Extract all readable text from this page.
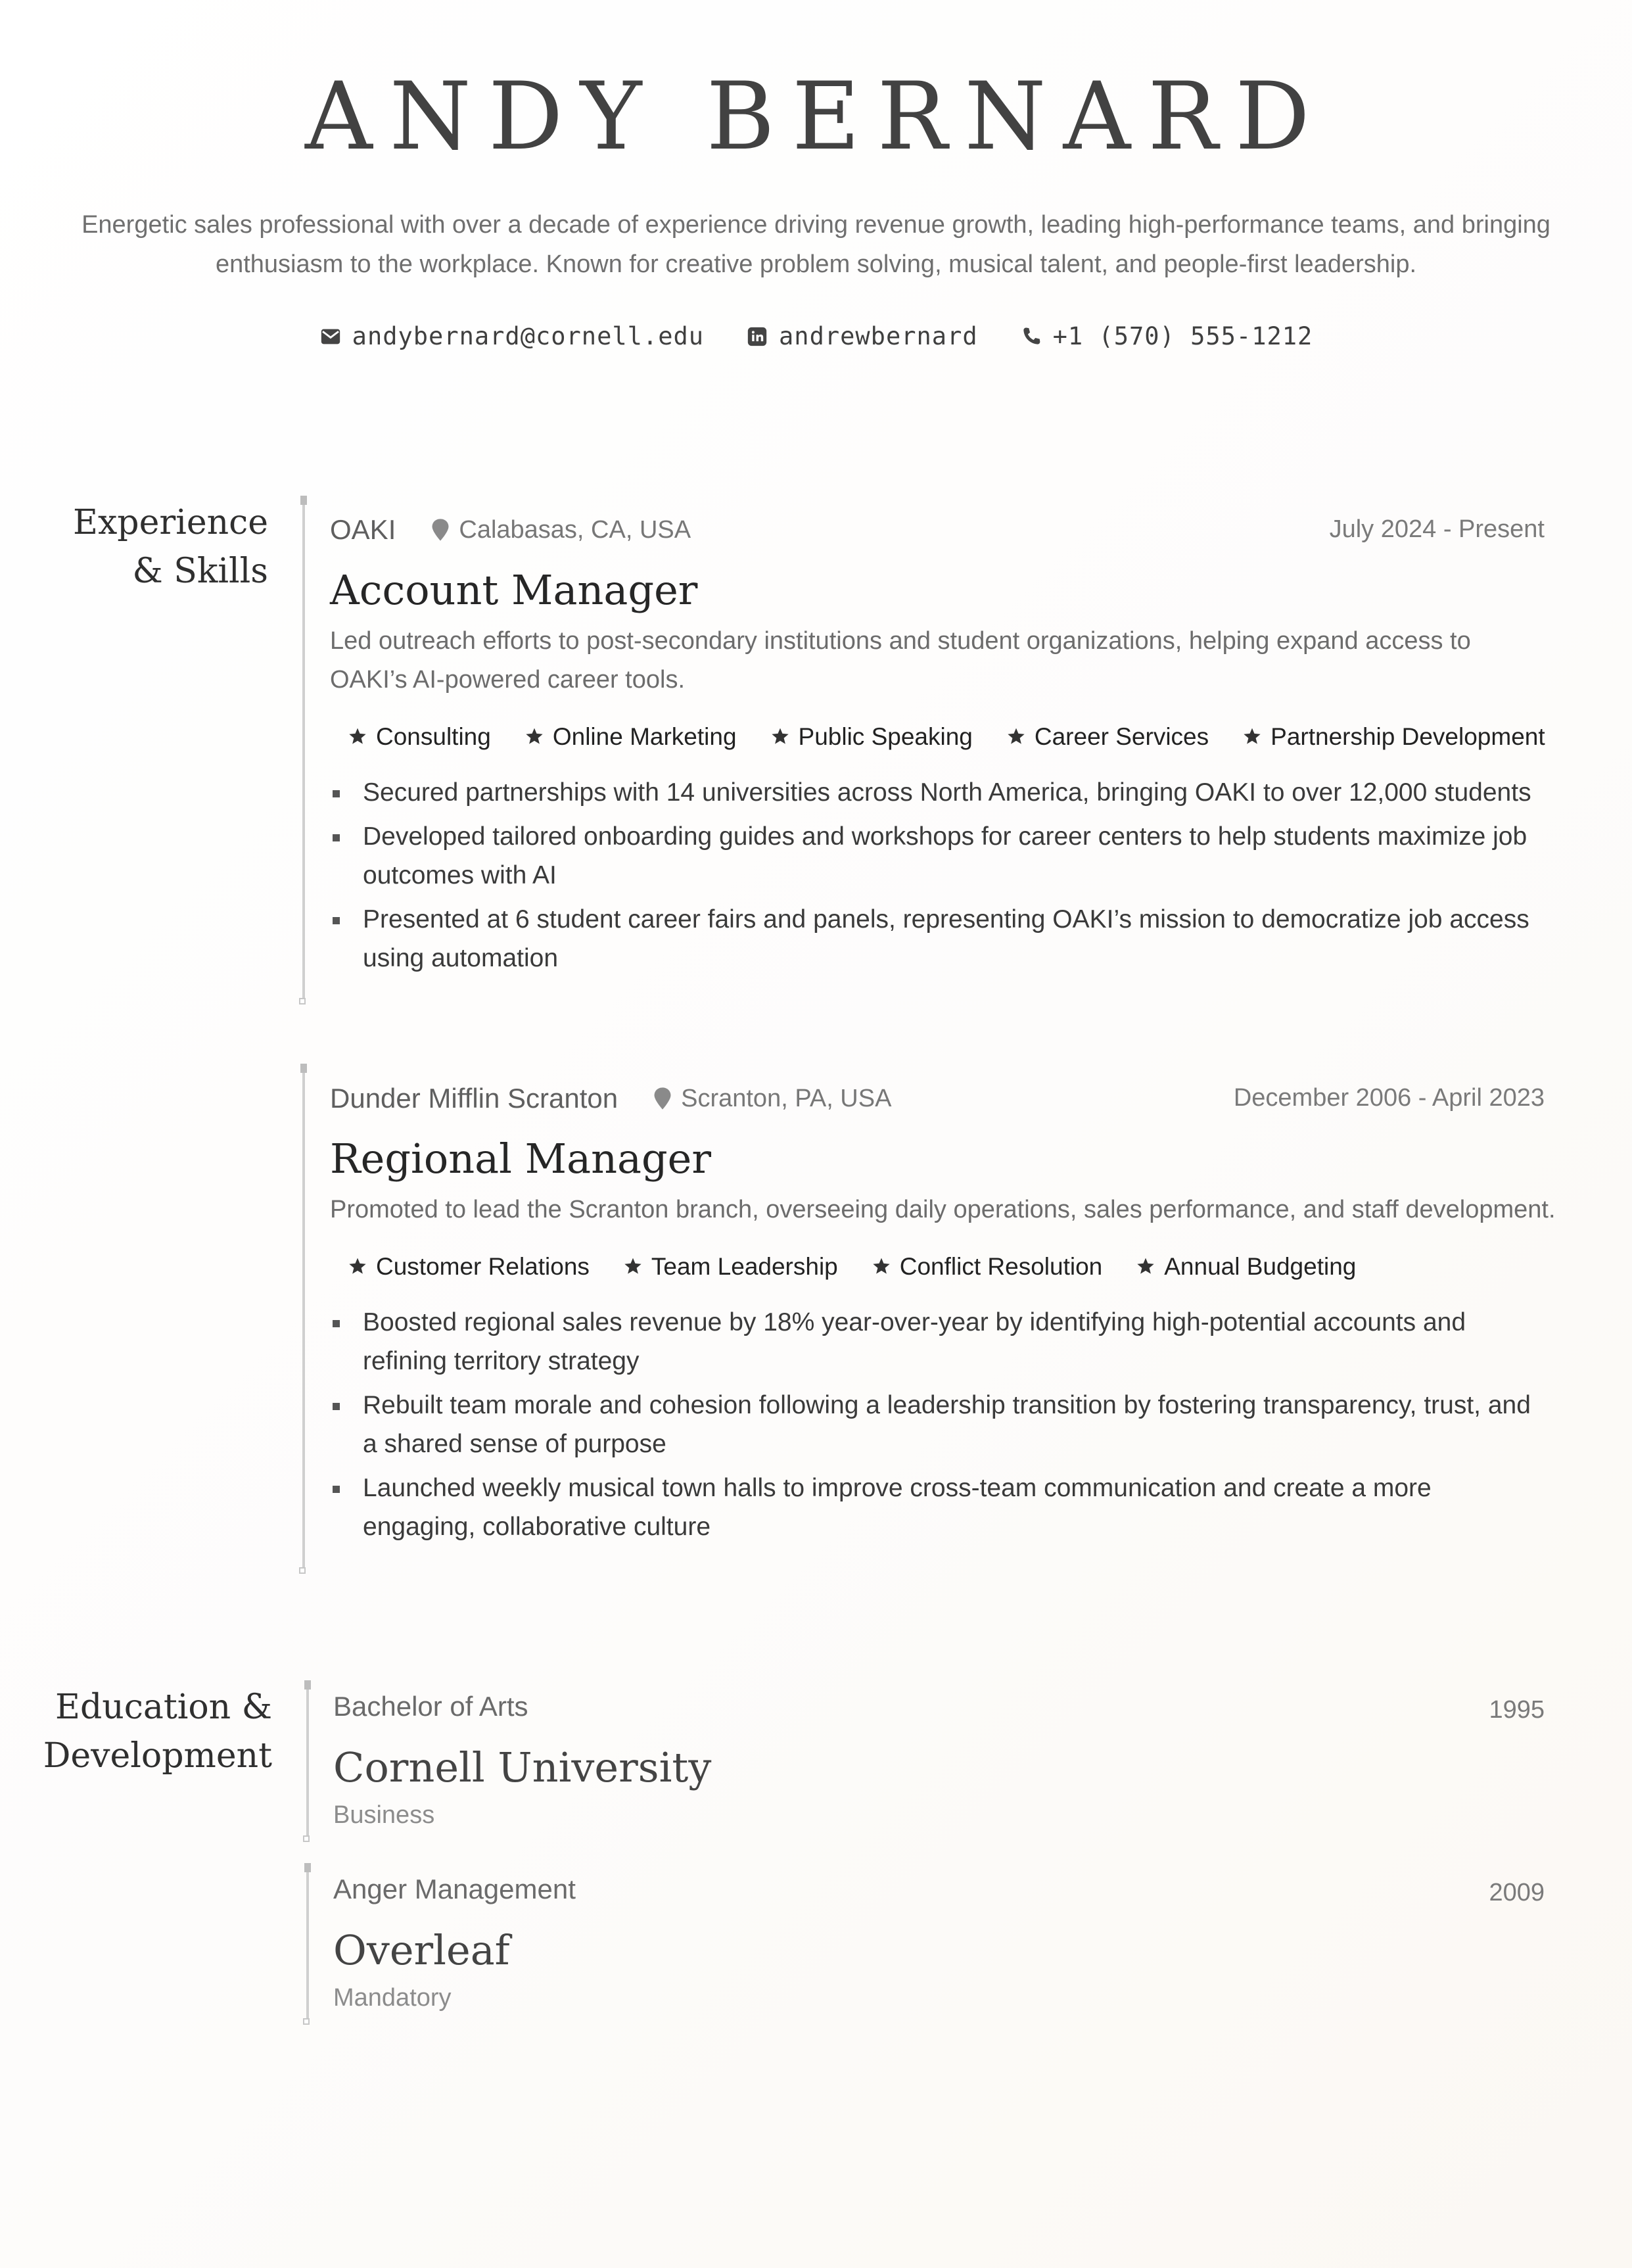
ANDY BERNARD
Energetic sales professional with over a decade of experience driving revenue growth, leading high-performance teams, and bringing enthusiasm to the workplace. Known for creative problem solving, musical talent, and people-first leadership.
andybernard@cornell.edu	andrewbernard	+1 (570) 555-1212
Experience
& Skills
OAKI	Calabasas, CA, USA	July 2024 - Present
Account Manager
Led outreach efforts to post-secondary institutions and student organizations, helping expand access to OAKI’s AI-powered career tools.
Consulting	Online Marketing	Public Speaking	Career Services	Partnership Development
Secured partnerships with 14 universities across North America, bringing OAKI to over 12,000 students
Developed tailored onboarding guides and workshops for career centers to help students maximize job outcomes with AI
Presented at 6 student career fairs and panels, representing OAKI’s mission to democratize job access using automation
Dunder Mifflin Scranton	Scranton, PA, USA	December 2006 - April 2023
Regional Manager
Promoted to lead the Scranton branch, overseeing daily operations, sales performance, and staff development.
Customer Relations	Team Leadership	Conflict Resolution	Annual Budgeting
Boosted regional sales revenue by 18% year-over-year by identifying high-potential accounts and refining territory strategy
Rebuilt team morale and cohesion following a leadership transition by fostering transparency, trust, and a shared sense of purpose
Launched weekly musical town halls to improve cross-team communication and create a more engaging, collaborative culture
Education &
Development
Bachelor of Arts	1995
Cornell University
Business
Anger Management	2009
Overleaf
Mandatory
